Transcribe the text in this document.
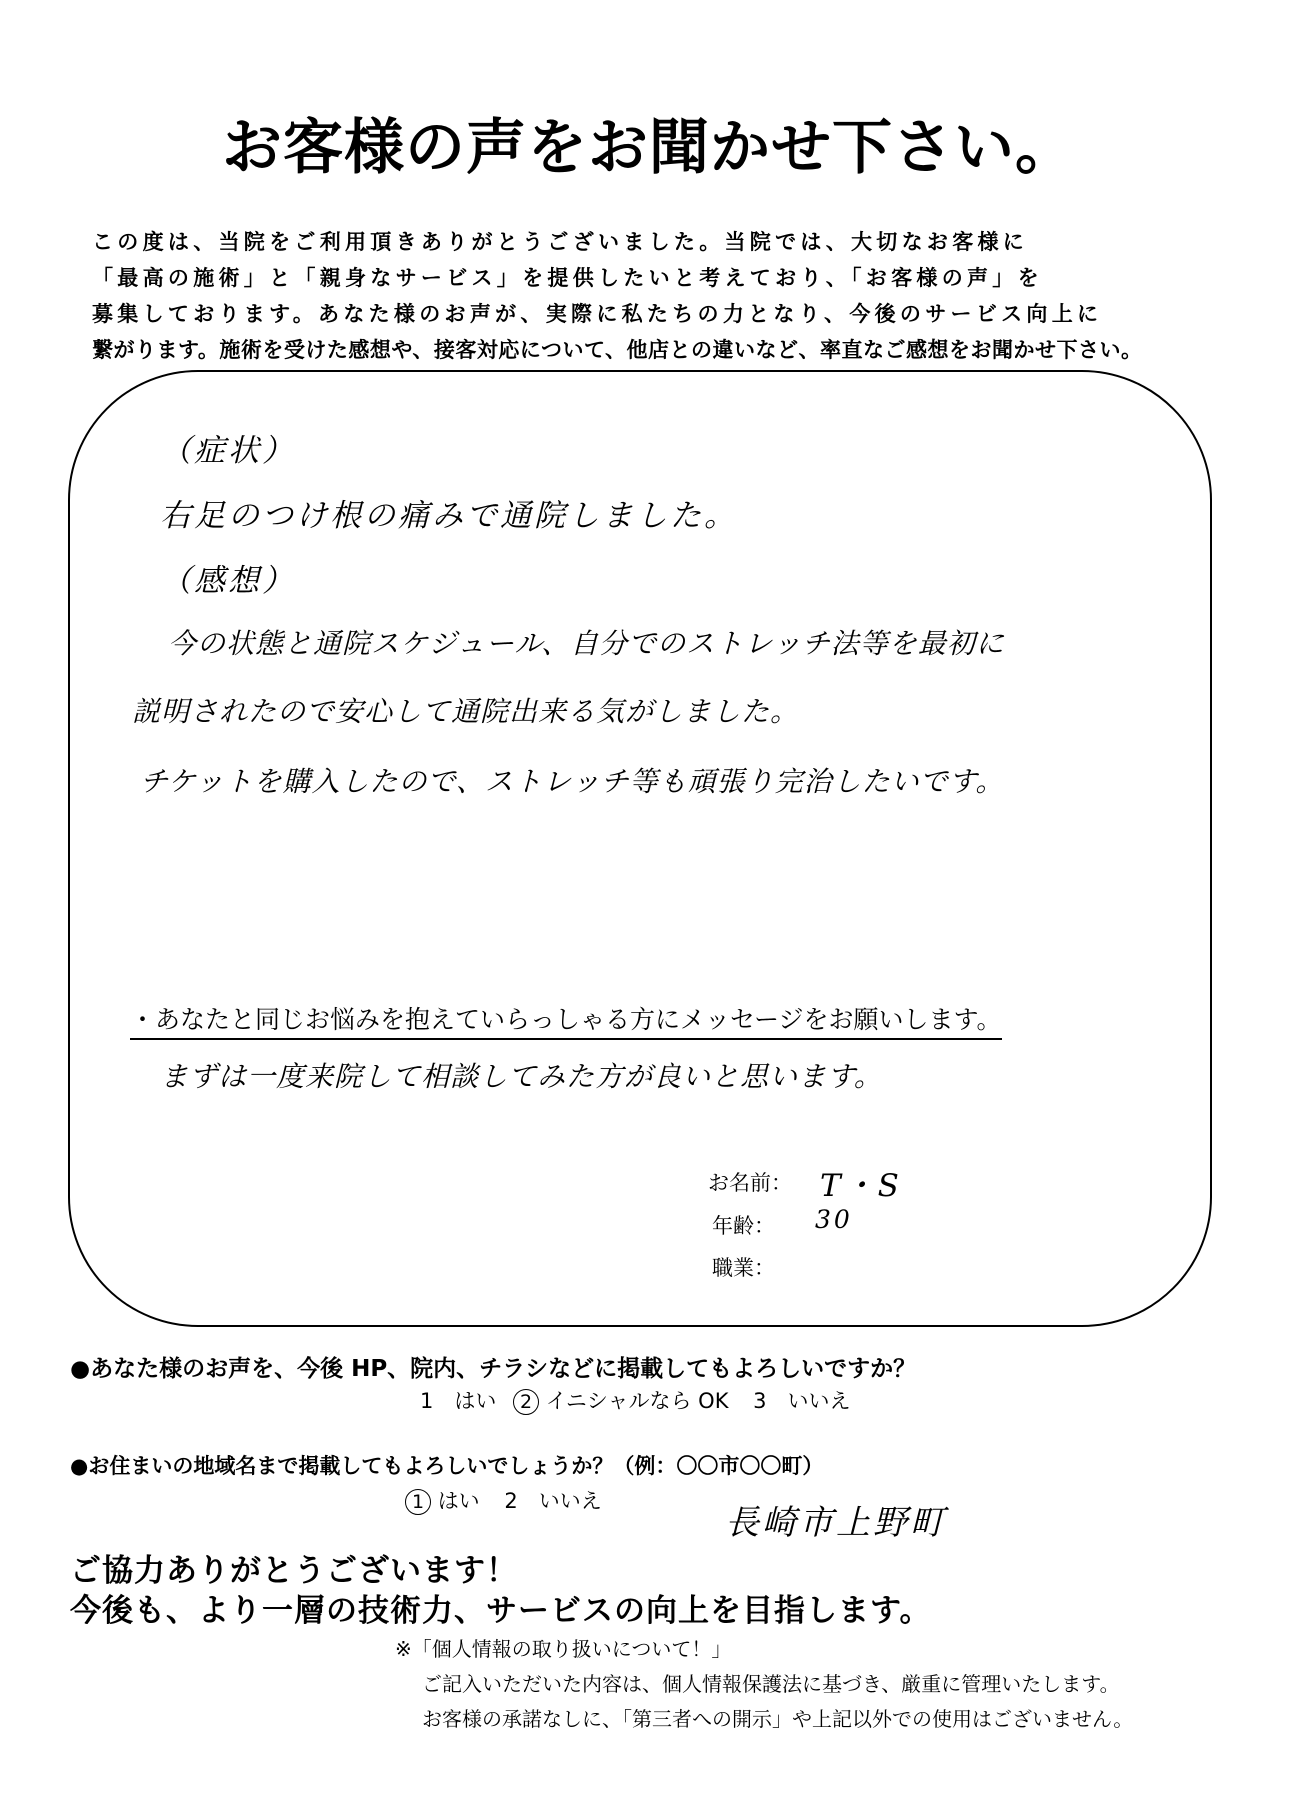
お客様の声をお聞かせ下さい。
この度は、当院をご利用頂きありがとうございました。当院では、大切なお客様に
「最高の施術」と「親身なサービス」を提供したいと考えており、「お客様の声」を
募集しております。あなた様のお声が、実際に私たちの力となり、今後のサービス向上に
繋がります。施術を受けた感想や、接客対応について、他店との違いなど、率直なご感想をお聞かせ下さい。
（症状）
右足のつけ根の痛みで通院しました。
（感想）
今の状態と通院スケジュール、自分でのストレッチ法等を最初に
説明されたので安心して通院出来る気がしました。
チケットを購入したので、ストレッチ等も頑張り完治したいです。
・あなたと同じお悩みを抱えていらっしゃる方にメッセージをお願いします。
まずは一度来院して相談してみた方が良いと思います。
お名前： T・S
年齢： 30
職業：
●あなた様のお声を、今後 HP、院内、チラシなどに掲載してもよろしいですか？
1　はい 2 イニシャルなら OK 3　いいえ
●お住まいの地域名まで掲載してもよろしいでしょうか？（例：〇〇市〇〇町）
1 はい 2　いいえ
長崎市上野町
ご協力ありがとうございます！
今後も、より一層の技術力、サービスの向上を目指します。
※「個人情報の取り扱いについて！」
ご記入いただいた内容は、個人情報保護法に基づき、厳重に管理いたします。
お客様の承諾なしに、「第三者への開示」や上記以外での使用はございません。
